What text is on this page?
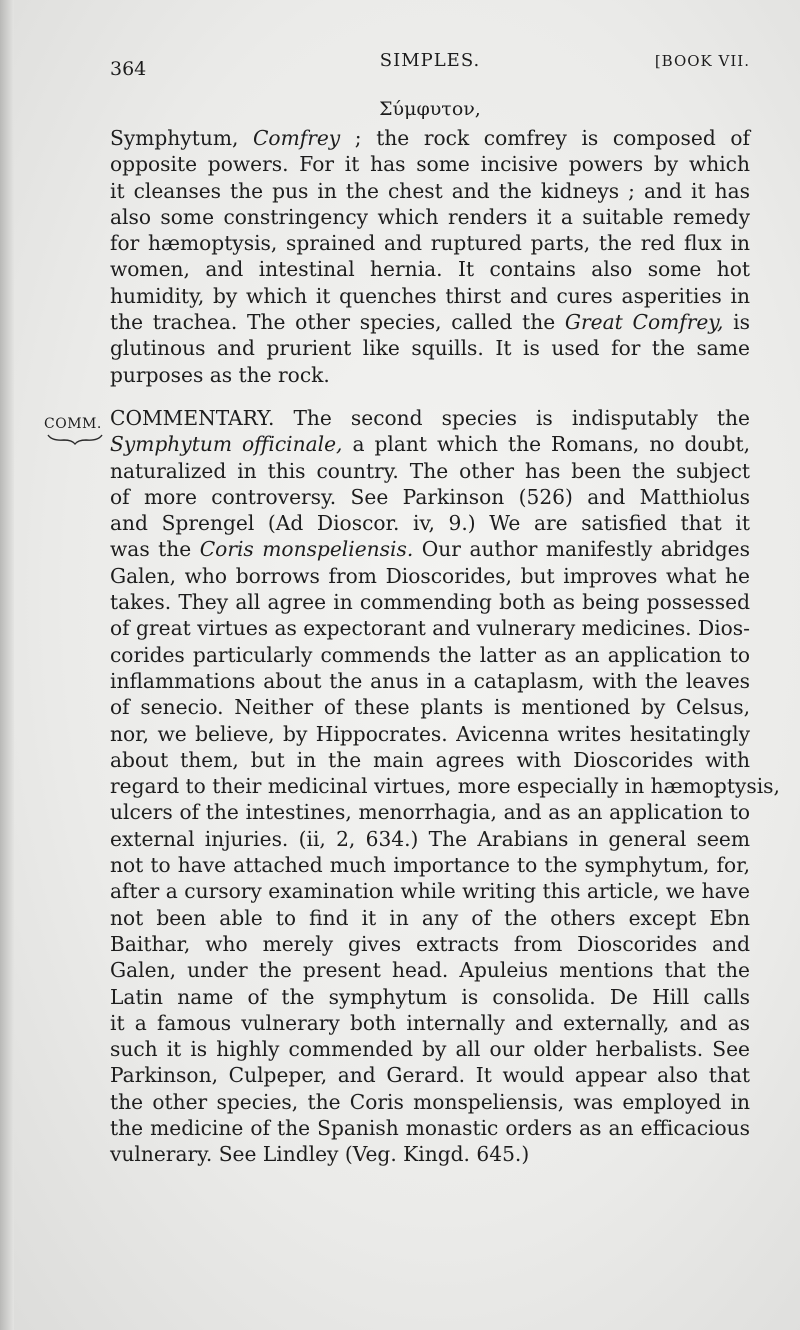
364	SIMPLES.	[BOOK VII.
Σύμφυτον,
Symphytum, Comfrey ; the rock comfrey is composed of
opposite powers. For it has some incisive powers by which
it cleanses the pus in the chest and the kidneys ; and it has
also some constringency which renders it a suitable remedy
for hæmoptysis, sprained and ruptured parts, the red flux in
women, and intestinal hernia. It contains also some hot
humidity, by which it quenches thirst and cures asperities in
the trachea. The other species, called the Great Comfrey, is
glutinous and prurient like squills. It is used for the same
purposes as the rock.
COMM. COMMENTARY. The second species is indisputably the
Symphytum officinale, a plant which the Romans, no doubt,
naturalized in this country. The other has been the subject
of more controversy. See Parkinson (526) and Matthiolus
and Sprengel (Ad Dioscor. iv, 9.) We are satisfied that it
was the Coris monspeliensis. Our author manifestly abridges
Galen, who borrows from Dioscorides, but improves what he
takes. They all agree in commending both as being possessed
of great virtues as expectorant and vulnerary medicines. Dios-
corides particularly commends the latter as an application to
inflammations about the anus in a cataplasm, with the leaves
of senecio. Neither of these plants is mentioned by Celsus,
nor, we believe, by Hippocrates. Avicenna writes hesitatingly
about them, but in the main agrees with Dioscorides with
regard to their medicinal virtues, more especially in hæmoptysis,
ulcers of the intestines, menorrhagia, and as an application to
external injuries. (ii, 2, 634.) The Arabians in general seem
not to have attached much importance to the symphytum, for,
after a cursory examination while writing this article, we have
not been able to find it in any of the others except Ebn
Baithar, who merely gives extracts from Dioscorides and
Galen, under the present head. Apuleius mentions that the
Latin name of the symphytum is consolida. De Hill calls
it a famous vulnerary both internally and externally, and as
such it is highly commended by all our older herbalists. See
Parkinson, Culpeper, and Gerard. It would appear also that
the other species, the Coris monspeliensis, was employed in
the medicine of the Spanish monastic orders as an efficacious
vulnerary. See Lindley (Veg. Kingd. 645.)
